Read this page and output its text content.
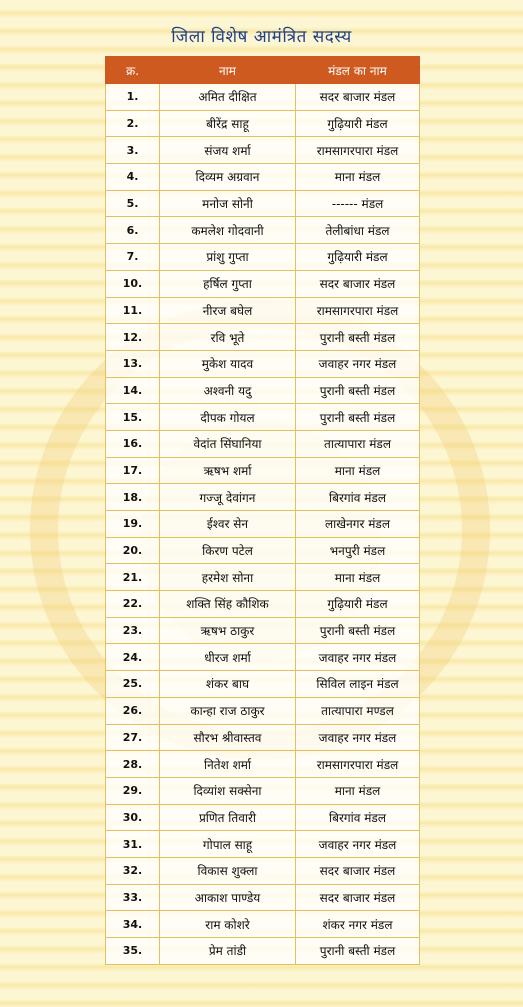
जिला विशेष आमंत्रित सदस्य
क्र.	नाम	मंडल का नाम
1.	अमित दीक्षित	सदर बाजार मंडल
2.	बीरेंद्र साहू	गुढ़ियारी मंडल
3.	संजय शर्मा	रामसागरपारा मंडल
4.	दिव्यम अग्रवान	माना मंडल
5.	मनोज सोनी	------ मंडल
6.	कमलेश गोदवानी	तेलीबांधा मंडल
7.	प्रांशु गुप्ता	गुढ़ियारी मंडल
10.	हर्षिल गुप्ता	सदर बाजार मंडल
11.	नीरज बघेल	रामसागरपारा मंडल
12.	रवि भूते	पुरानी बस्ती मंडल
13.	मुकेश यादव	जवाहर नगर मंडल
14.	अश्वनी यदु	पुरानी बस्ती मंडल
15.	दीपक गोयल	पुरानी बस्ती मंडल
16.	वेदांत सिंघानिया	तात्यापारा मंडल
17.	ऋषभ शर्मा	माना मंडल
18.	गज्जू देवांगन	बिरगांव मंडल
19.	ईश्वर सेन	लाखेनगर मंडल
20.	किरण पटेल	भनपुरी मंडल
21.	हरमेश सोना	माना मंडल
22.	शक्ति सिंह कौशिक	गुढ़ियारी मंडल
23.	ऋषभ ठाकुर	पुरानी बस्ती मंडल
24.	धीरज शर्मा	जवाहर नगर मंडल
25.	शंकर बाघ	सिविल लाइन मंडल
26.	कान्हा राज ठाकुर	तात्यापारा मण्डल
27.	सौरभ श्रीवास्तव	जवाहर नगर मंडल
28.	नितेश शर्मा	रामसागरपारा मंडल
29.	दिव्यांश सक्सेना	माना मंडल
30.	प्रणित तिवारी	बिरगांव मंडल
31.	गोपाल साहू	जवाहर नगर मंडल
32.	विकास शुक्ला	सदर बाजार मंडल
33.	आकाश पाण्डेय	सदर बाजार मंडल
34.	राम कोशरे	शंकर नगर मंडल
35.	प्रेम तांडी	पुरानी बस्ती मंडल
